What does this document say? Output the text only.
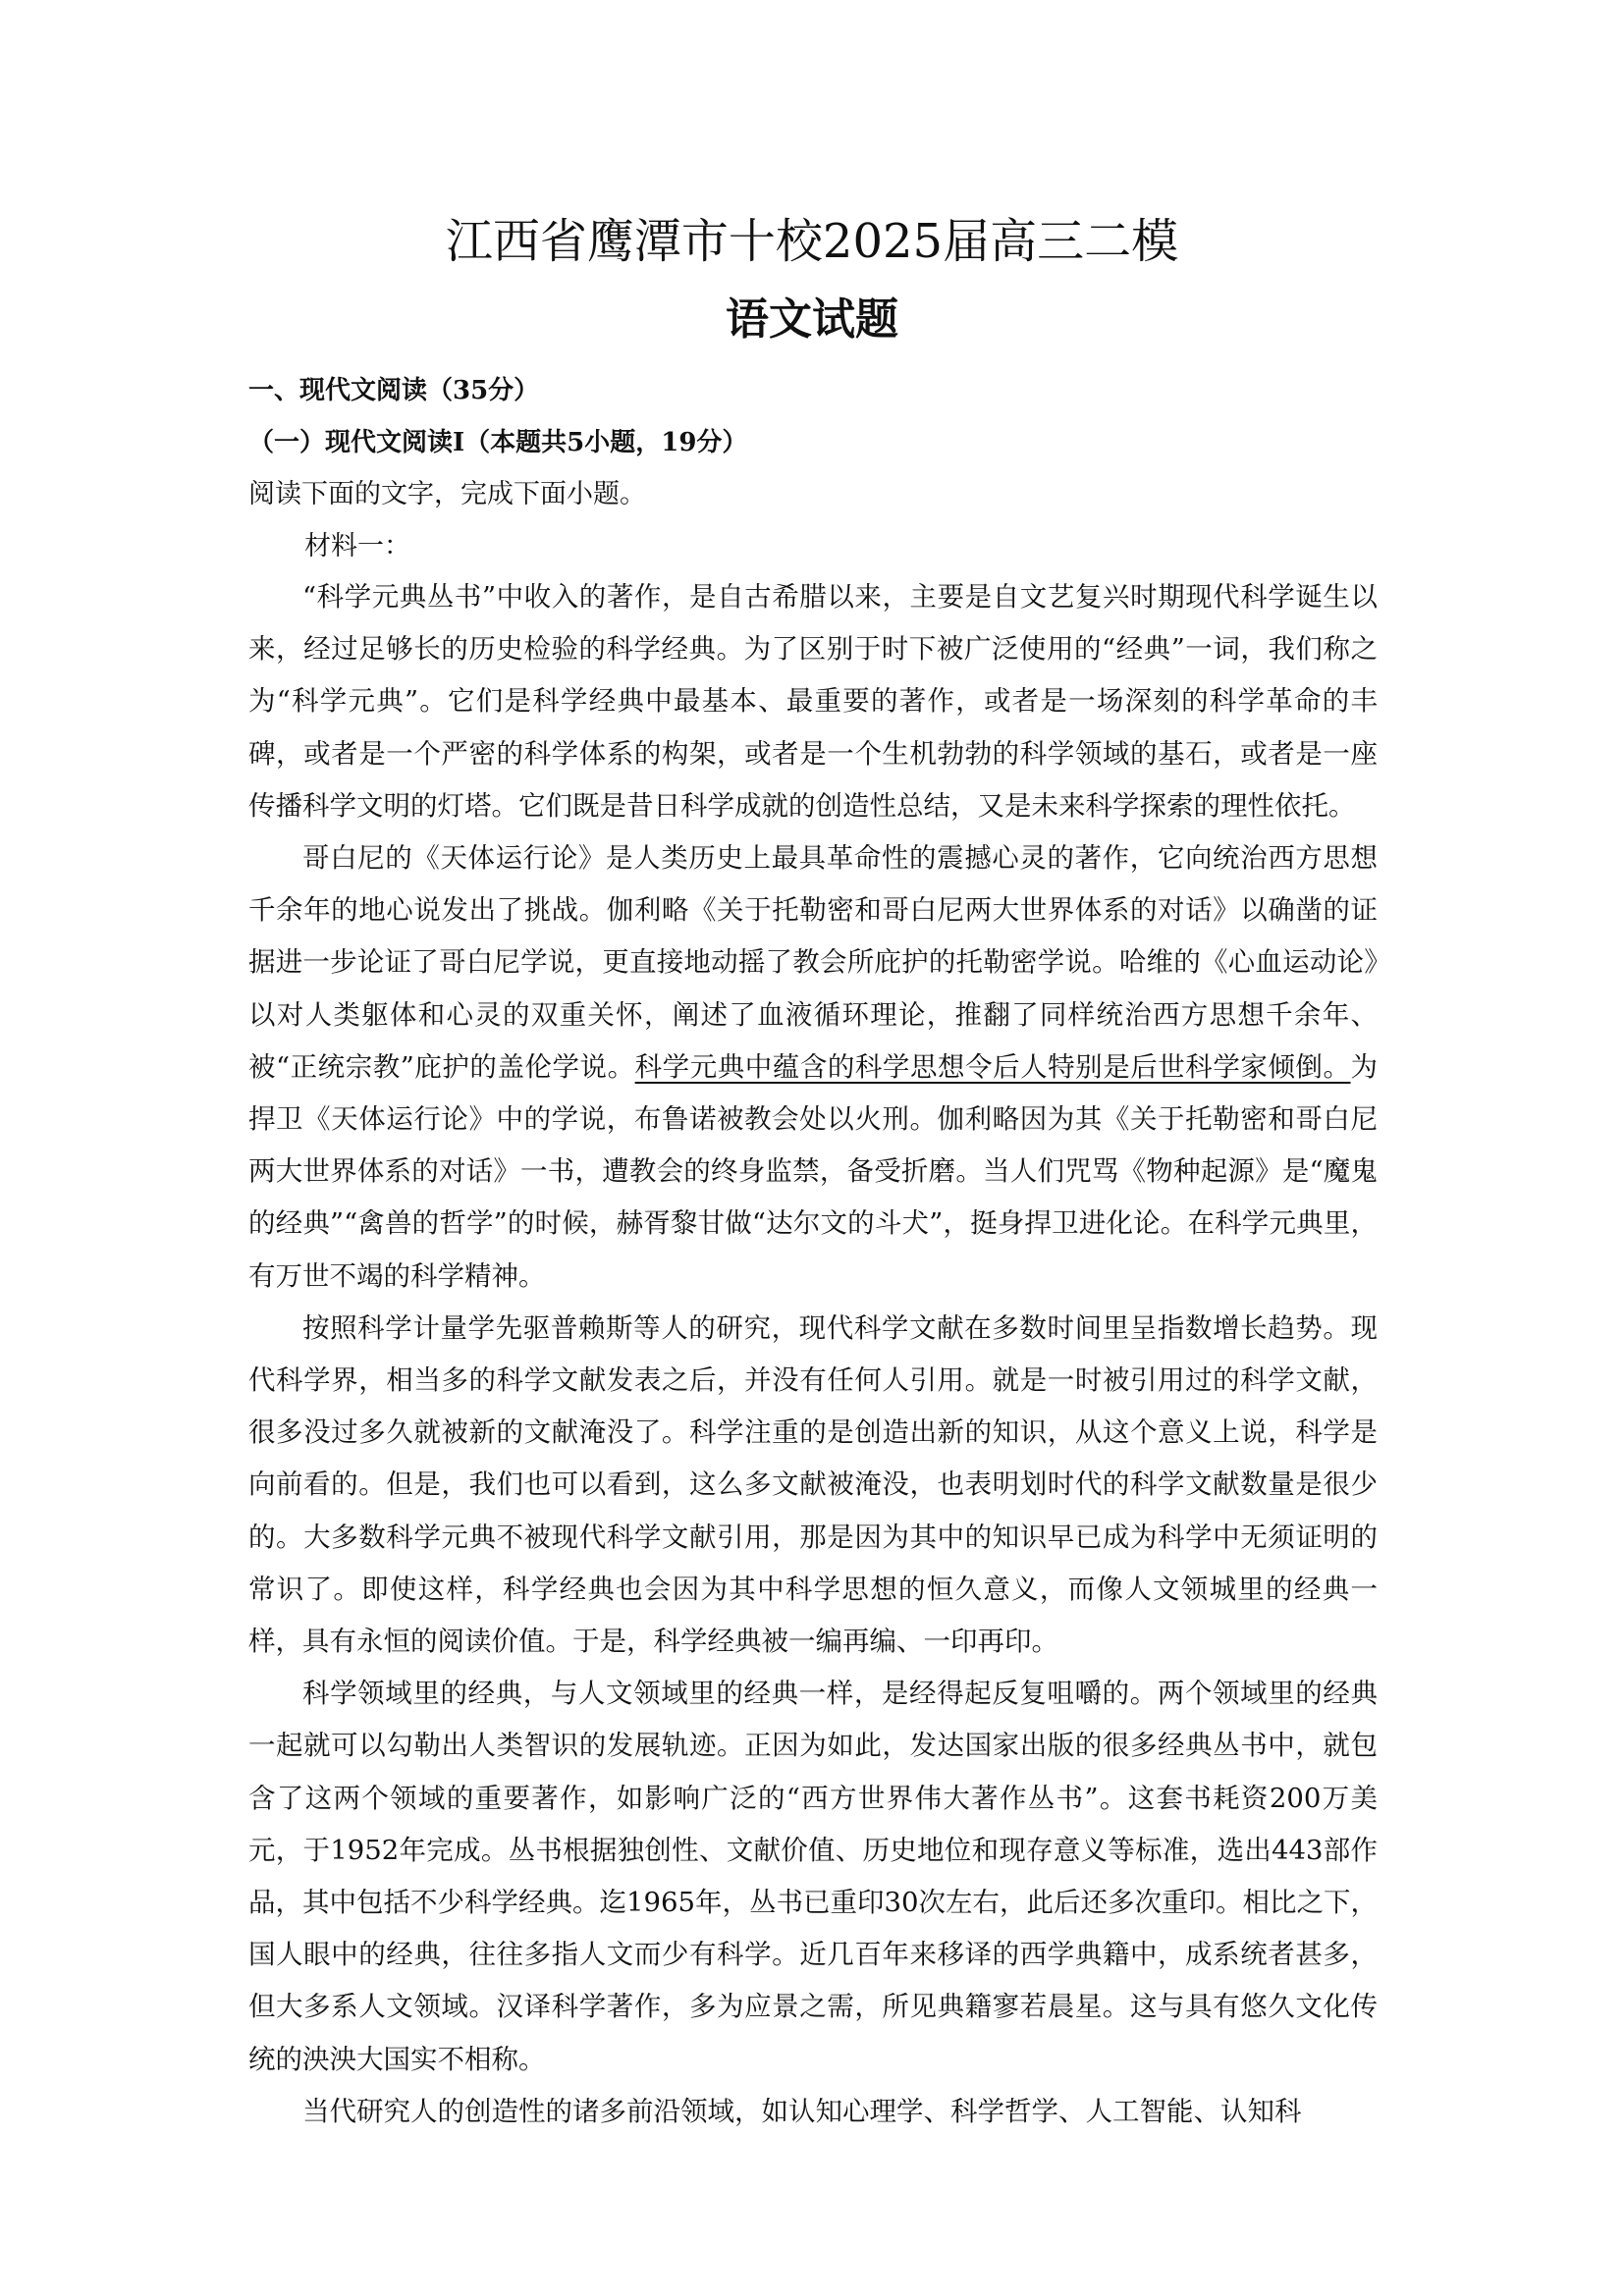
江西省鹰潭市十校2025届高三二模
语文试题
一、现代文阅读（35分）
（一）现代文阅读Ⅰ（本题共5小题，19分）
阅读下面的文字，完成下面小题。
材料一：

“科学元典丛书”中收入的著作，是自古希腊以来，主要是自文艺复兴时期现代科学诞生以来，经过足够长的历史检验的科学经典。为了区别于时下被广泛使用的“经典”一词，我们称之为“科学元典”。它们是科学经典中最基本、最重要的著作，或者是一场深刻的科学革命的丰碑，或者是一个严密的科学体系的构架，或者是一个生机勃勃的科学领域的基石，或者是一座传播科学文明的灯塔。它们既是昔日科学成就的创造性总结，又是未来科学探索的理性依托。

哥白尼的《天体运行论》是人类历史上最具革命性的震撼心灵的著作，它向统治西方思想千余年的地心说发出了挑战。伽利略《关于托勒密和哥白尼两大世界体系的对话》以确凿的证据进一步论证了哥白尼学说，更直接地动摇了教会所庇护的托勒密学说。哈维的《心血运动论》以对人类躯体和心灵的双重关怀，阐述了血液循环理论，推翻了同样统治西方思想千余年、被“正统宗教”庇护的盖伦学说。科学元典中蕴含的科学思想令后人特别是后世科学家倾倒。为捍卫《天体运行论》中的学说，布鲁诺被教会处以火刑。伽利略因为其《关于托勒密和哥白尼两大世界体系的对话》一书，遭教会的终身监禁，备受折磨。当人们咒骂《物种起源》是“魔鬼的经典”“禽兽的哲学”的时候，赫胥黎甘做“达尔文的斗犬”，挺身捍卫进化论。在科学元典里，有万世不竭的科学精神。

按照科学计量学先驱普赖斯等人的研究，现代科学文献在多数时间里呈指数增长趋势。现代科学界，相当多的科学文献发表之后，并没有任何人引用。就是一时被引用过的科学文献，很多没过多久就被新的文献淹没了。科学注重的是创造出新的知识，从这个意义上说，科学是向前看的。但是，我们也可以看到，这么多文献被淹没，也表明划时代的科学文献数量是很少的。大多数科学元典不被现代科学文献引用，那是因为其中的知识早已成为科学中无须证明的常识了。即使这样，科学经典也会因为其中科学思想的恒久意义，而像人文领城里的经典一样，具有永恒的阅读价值。于是，科学经典被一编再编、一印再印。

科学领域里的经典，与人文领域里的经典一样，是经得起反复咀嚼的。两个领域里的经典一起就可以勾勒出人类智识的发展轨迹。正因为如此，发达国家出版的很多经典丛书中，就包含了这两个领域的重要著作，如影响广泛的“西方世界伟大著作丛书”。这套书耗资200万美元，于1952年完成。丛书根据独创性、文献价值、历史地位和现存意义等标准，选出443部作品，其中包括不少科学经典。迄1965年，丛书已重印30次左右，此后还多次重印。相比之下，国人眼中的经典，往往多指人文而少有科学。近几百年来移译的西学典籍中，成系统者甚多，但大多系人文领域。汉译科学著作，多为应景之需，所见典籍寥若晨星。这与具有悠久文化传统的泱泱大国实不相称。

当代研究人的创造性的诸多前沿领域，如认知心理学、科学哲学、人工智能、认知科
